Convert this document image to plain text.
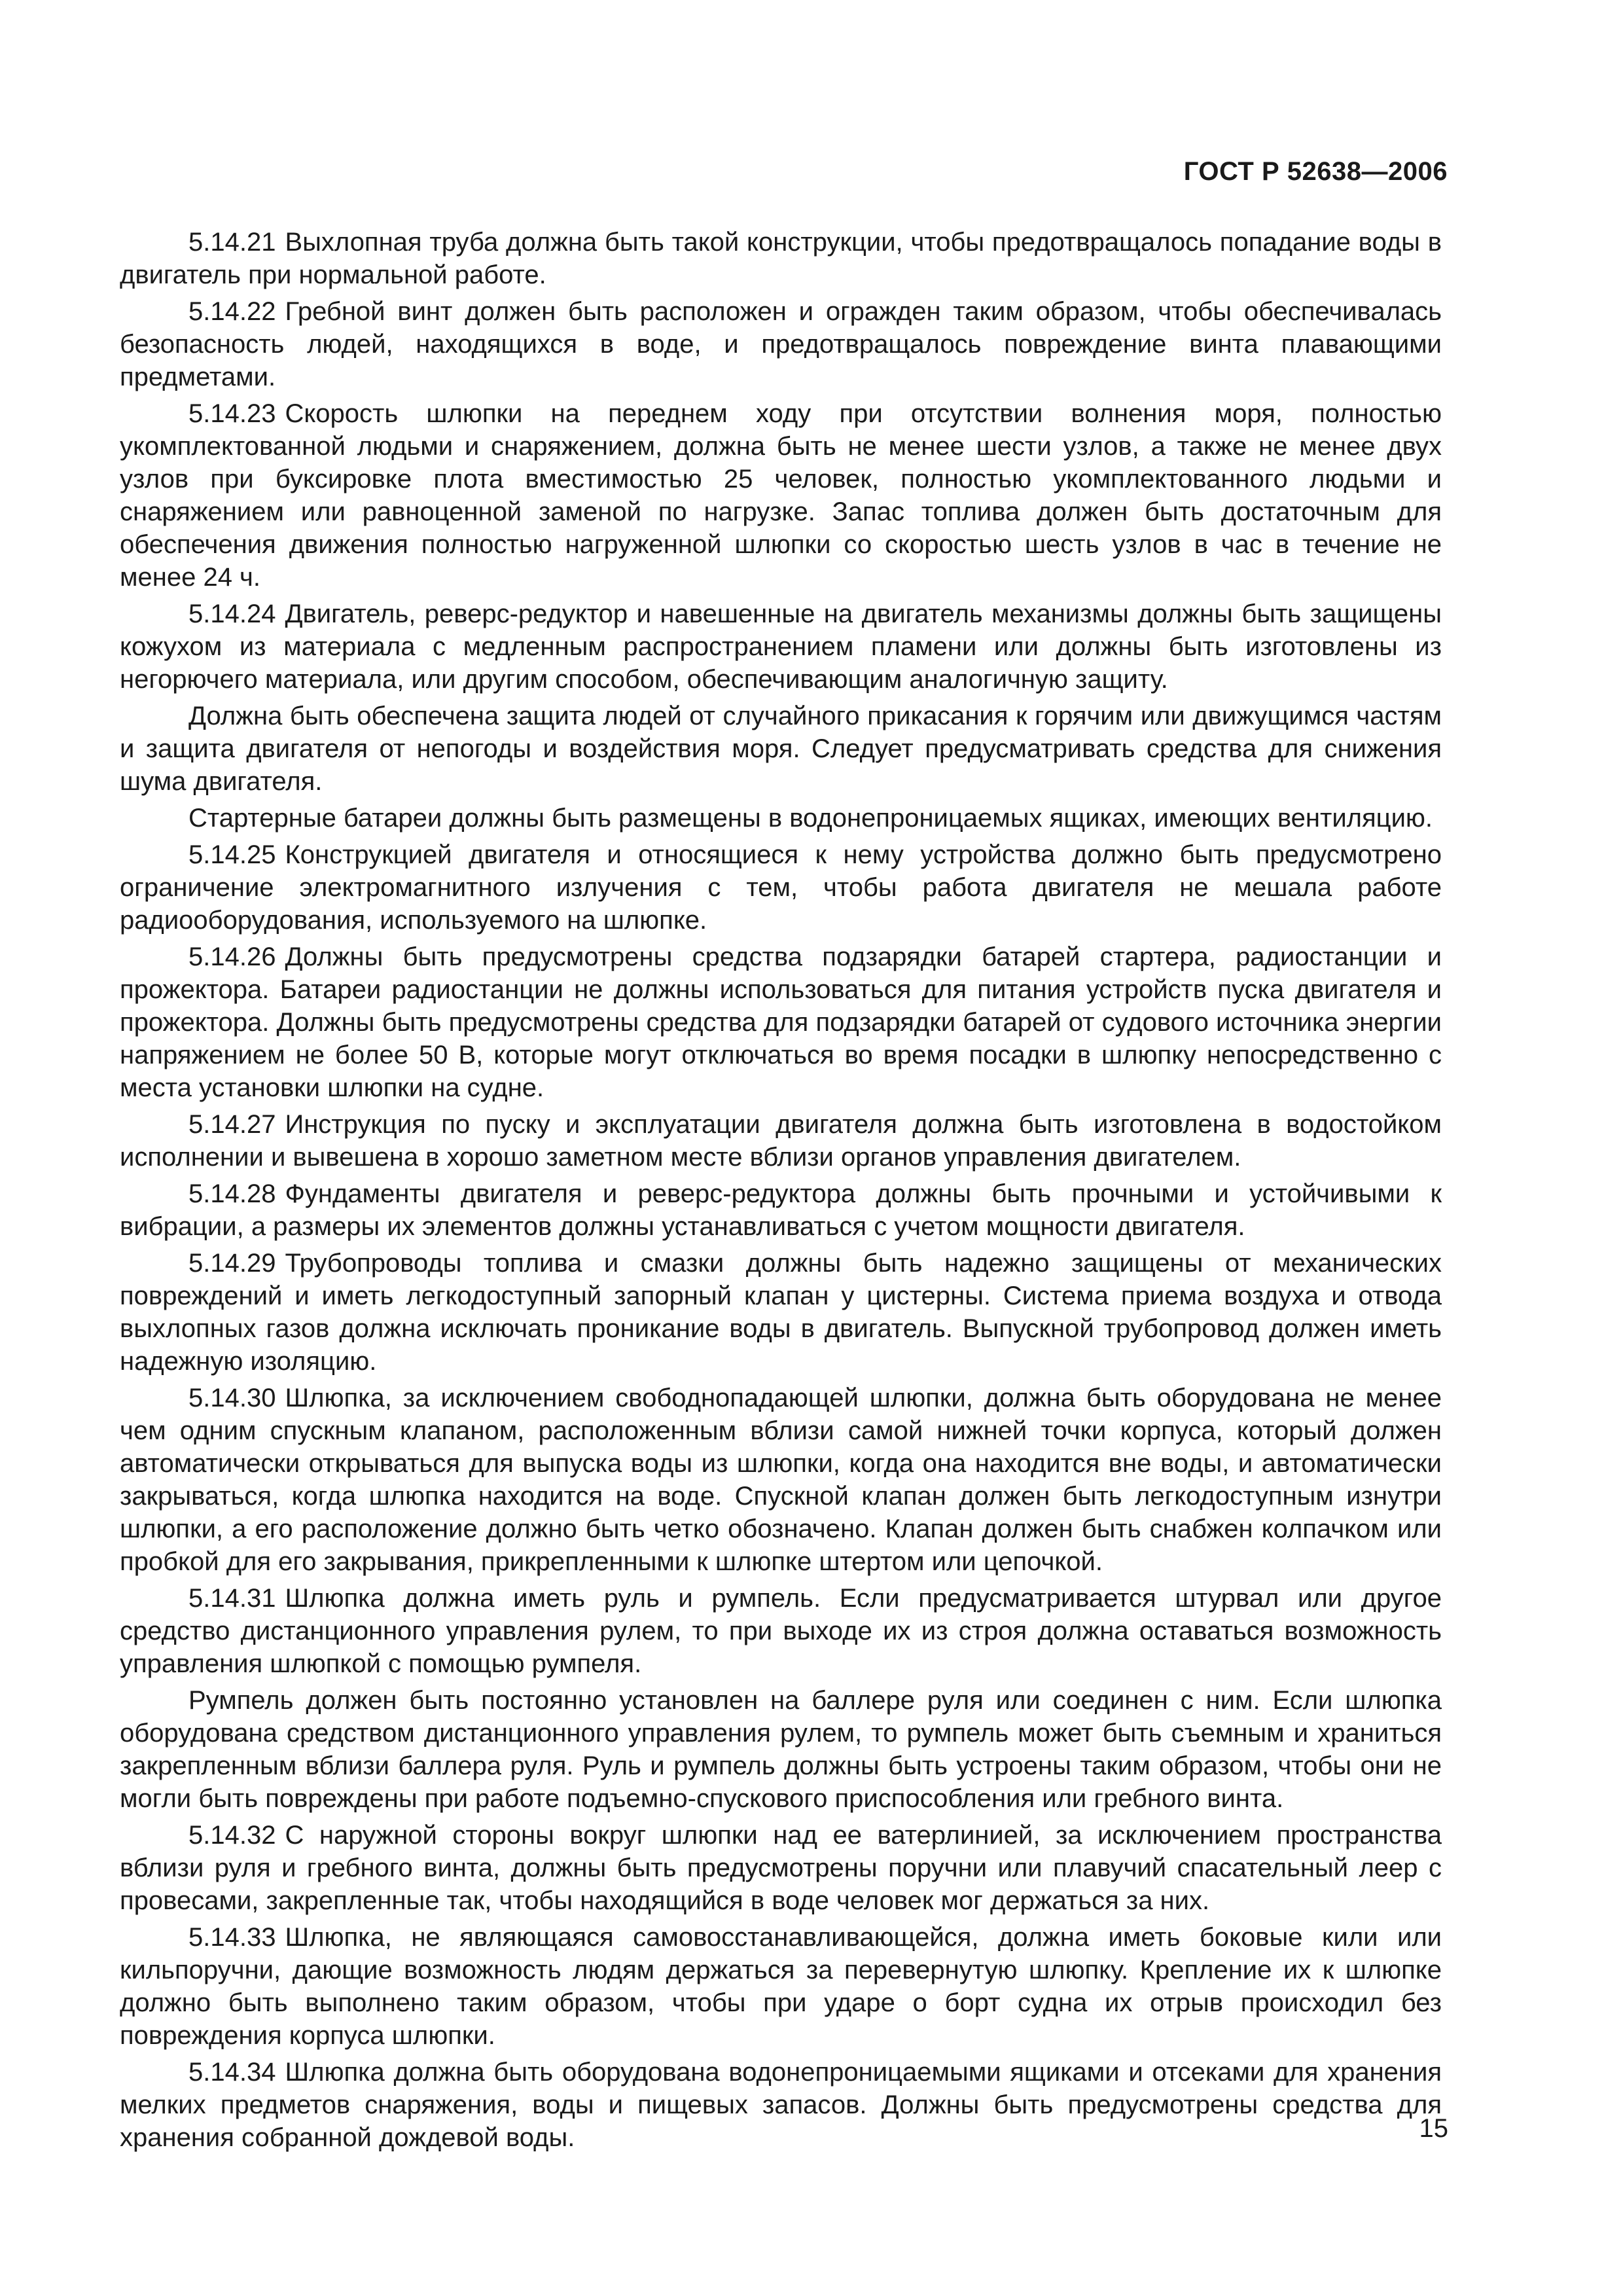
ГОСТ Р 52638—2006

5.14.21 Выхлопная труба должна быть такой конструкции, чтобы предотвращалось попадание воды в двигатель при нормальной работе.

5.14.22 Гребной винт должен быть расположен и огражден таким образом, чтобы обеспечивалась безопасность людей, находящихся в воде, и предотвращалось повреждение винта плавающими предметами.

5.14.23 Скорость шлюпки на переднем ходу при отсутствии волнения моря, полностью укомплектованной людьми и снаряжением, должна быть не менее шести узлов, а также не менее двух узлов при буксировке плота вместимостью 25 человек, полностью укомплектованного людьми и снаряжением или равноценной заменой по нагрузке. Запас топлива должен быть достаточным для обеспечения движения полностью нагруженной шлюпки со скоростью шесть узлов в час в течение не менее 24 ч.

5.14.24 Двигатель, реверс-редуктор и навешенные на двигатель механизмы должны быть защищены кожухом из материала с медленным распространением пламени или должны быть изготовлены из негорючего материала, или другим способом, обеспечивающим аналогичную защиту.

Должна быть обеспечена защита людей от случайного прикасания к горячим или движущимся частям и защита двигателя от непогоды и воздействия моря. Следует предусматривать средства для снижения шума двигателя.

Стартерные батареи должны быть размещены в водонепроницаемых ящиках, имеющих вентиляцию.

5.14.25 Конструкцией двигателя и относящиеся к нему устройства должно быть предусмотрено ограничение электромагнитного излучения с тем, чтобы работа двигателя не мешала работе радиооборудования, используемого на шлюпке.

5.14.26 Должны быть предусмотрены средства подзарядки батарей стартера, радиостанции и прожектора. Батареи радиостанции не должны использоваться для питания устройств пуска двигателя и прожектора. Должны быть предусмотрены средства для подзарядки батарей от судового источника энергии напряжением не более 50 В, которые могут отключаться во время посадки в шлюпку непосредственно с места установки шлюпки на судне.

5.14.27 Инструкция по пуску и эксплуатации двигателя должна быть изготовлена в водостойком исполнении и вывешена в хорошо заметном месте вблизи органов управления двигателем.

5.14.28 Фундаменты двигателя и реверс-редуктора должны быть прочными и устойчивыми к вибрации, а размеры их элементов должны устанавливаться с учетом мощности двигателя.

5.14.29 Трубопроводы топлива и смазки должны быть надежно защищены от механических повреждений и иметь легкодоступный запорный клапан у цистерны. Система приема воздуха и отвода выхлопных газов должна исключать проникание воды в двигатель. Выпускной трубопровод должен иметь надежную изоляцию.

5.14.30 Шлюпка, за исключением свободнопадающей шлюпки, должна быть оборудована не менее чем одним спускным клапаном, расположенным вблизи самой нижней точки корпуса, который должен автоматически открываться для выпуска воды из шлюпки, когда она находится вне воды, и автоматически закрываться, когда шлюпка находится на воде. Спускной клапан должен быть легкодоступным изнутри шлюпки, а его расположение должно быть четко обозначено. Клапан должен быть снабжен колпачком или пробкой для его закрывания, прикрепленными к шлюпке штертом или цепочкой.

5.14.31 Шлюпка должна иметь руль и румпель. Если предусматривается штурвал или другое средство дистанционного управления рулем, то при выходе их из строя должна оставаться возможность управления шлюпкой с помощью румпеля.

Румпель должен быть постоянно установлен на баллере руля или соединен с ним. Если шлюпка оборудована средством дистанционного управления рулем, то румпель может быть съемным и храниться закрепленным вблизи баллера руля. Руль и румпель должны быть устроены таким образом, чтобы они не могли быть повреждены при работе подъемно-спускового приспособления или гребного винта.

5.14.32 С наружной стороны вокруг шлюпки над ее ватерлинией, за исключением пространства вблизи руля и гребного винта, должны быть предусмотрены поручни или плавучий спасательный леер с провесами, закрепленные так, чтобы находящийся в воде человек мог держаться за них.

5.14.33 Шлюпка, не являющаяся самовосстанавливающейся, должна иметь боковые кили или кильпоручни, дающие возможность людям держаться за перевернутую шлюпку. Крепление их к шлюпке должно быть выполнено таким образом, чтобы при ударе о борт судна их отрыв происходил без повреждения корпуса шлюпки.

5.14.34 Шлюпка должна быть оборудована водонепроницаемыми ящиками и отсеками для хранения мелких предметов снаряжения, воды и пищевых запасов. Должны быть предусмотрены средства для хранения собранной дождевой воды.	15
